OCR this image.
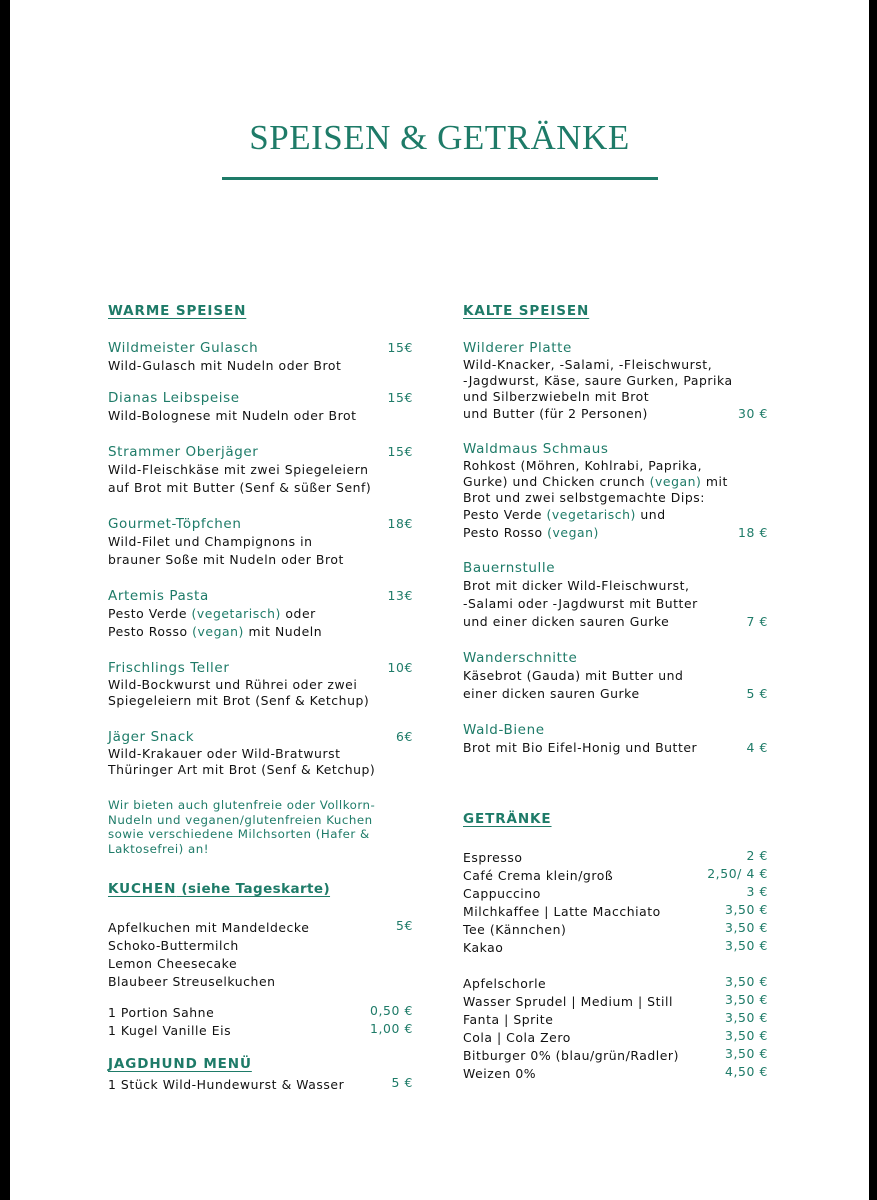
SPEISEN & GETRÄNKE
WARME SPEISEN
Wildmeister Gulasch	15€
Wild-Gulasch mit Nudeln oder Brot
Dianas Leibspeise	15€
Wild-Bolognese mit Nudeln oder Brot
Strammer Oberjäger	15€
Wild-Fleischkäse mit zwei Spiegeleiern
auf Brot mit Butter (Senf & süßer Senf)
Gourmet-Töpfchen	18€
Wild-Filet und Champignons in
brauner Soße mit Nudeln oder Brot
Artemis Pasta	13€
Pesto Verde (vegetarisch) oder
Pesto Rosso (vegan) mit Nudeln
Frischlings Teller	10€
Wild-Bockwurst und Rührei oder zwei
Spiegeleiern mit Brot (Senf & Ketchup)
Jäger Snack	6€
Wild-Krakauer oder Wild-Bratwurst
Thüringer Art mit Brot (Senf & Ketchup)
Wir bieten auch glutenfreie oder Vollkorn-
Nudeln und veganen/glutenfreien Kuchen
sowie verschiedene Milchsorten (Hafer &
Laktosefrei) an!
KUCHEN (siehe Tageskarte)
Apfelkuchen mit Mandeldecke	5€
Schoko-Buttermilch
Lemon Cheesecake
Blaubeer Streuselkuchen
1 Portion Sahne	0,50 €
1 Kugel Vanille Eis	1,00 €
JAGDHUND MENÜ
1 Stück Wild-Hundewurst & Wasser	5 €
KALTE SPEISEN
Wilderer Platte
Wild-Knacker, -Salami, -Fleischwurst,
-Jagdwurst, Käse, saure Gurken, Paprika
und Silberzwiebeln mit Brot
und Butter (für 2 Personen)	30 €
Waldmaus Schmaus
Rohkost (Möhren, Kohlrabi, Paprika,
Gurke) und Chicken crunch (vegan) mit
Brot und zwei selbstgemachte Dips:
Pesto Verde (vegetarisch) und
Pesto Rosso (vegan)	18 €
Bauernstulle
Brot mit dicker Wild-Fleischwurst,
-Salami oder -Jagdwurst mit Butter
und einer dicken sauren Gurke	7 €
Wanderschnitte
Käsebrot (Gauda) mit Butter und
einer dicken sauren Gurke	5 €
Wald-Biene
Brot mit Bio Eifel-Honig und Butter	4 €
GETRÄNKE
Espresso	2 €
Café Crema klein/groß	2,50/ 4 €
Cappuccino	3 €
Milchkaffee | Latte Macchiato	3,50 €
Tee (Kännchen)	3,50 €
Kakao	3,50 €
Apfelschorle	3,50 €
Wasser Sprudel | Medium | Still	3,50 €
Fanta | Sprite	3,50 €
Cola | Cola Zero	3,50 €
Bitburger 0% (blau/grün/Radler)	3,50 €
Weizen 0%	4,50 €
